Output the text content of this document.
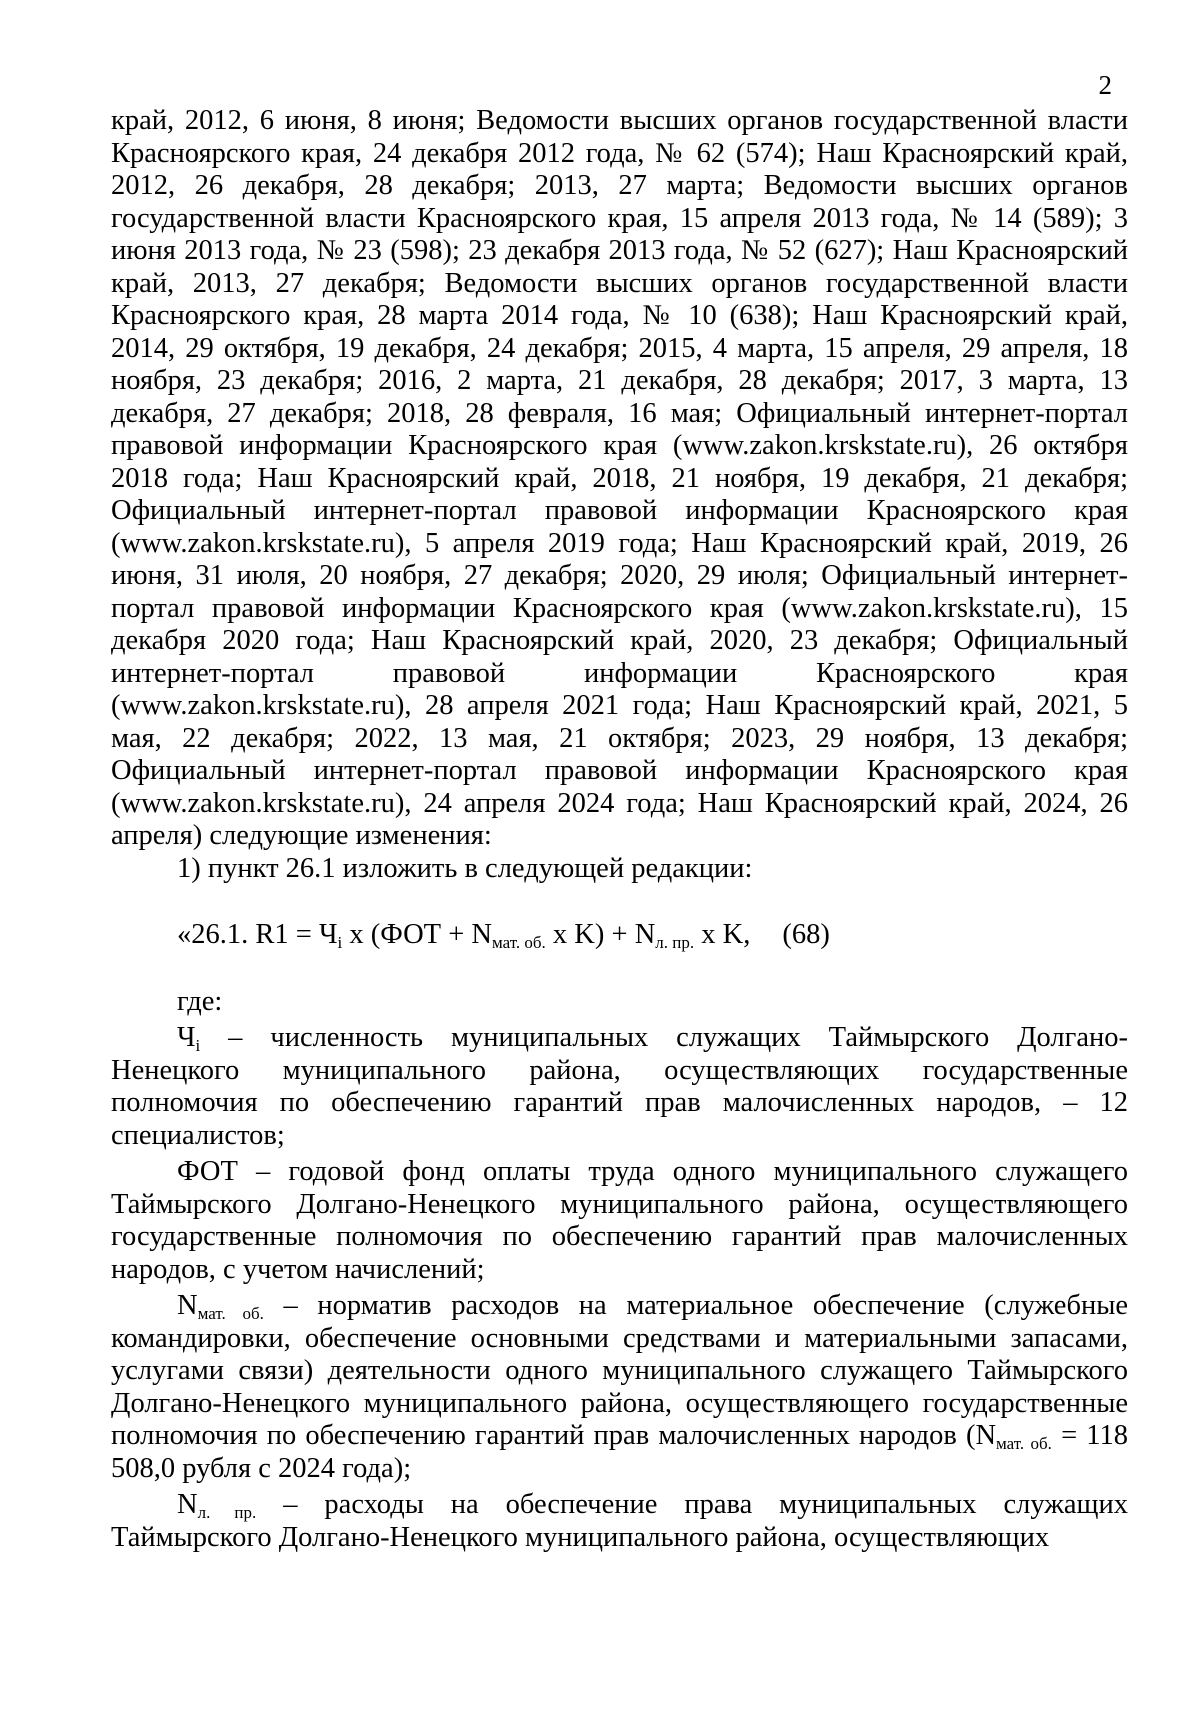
2

край, 2012, 6 июня, 8 июня; Ведомости высших органов государственной власти Красноярского края, 24 декабря 2012 года, № 62 (574); Наш Красноярский край, 2012, 26 декабря, 28 декабря; 2013, 27 марта; Ведомости высших органов государственной власти Красноярского края, 15 апреля 2013 года, № 14 (589); 3 июня 2013 года, № 23 (598); 23 декабря 2013 года, № 52 (627); Наш Красноярский край, 2013, 27 декабря; Ведомости высших органов государственной власти Красноярского края, 28 марта 2014 года, № 10 (638); Наш Красноярский край, 2014, 29 октября, 19 декабря, 24 декабря; 2015, 4 марта, 15 апреля, 29 апреля, 18 ноября, 23 декабря; 2016, 2 марта, 21 декабря, 28 декабря; 2017, 3 марта, 13 декабря, 27 декабря; 2018, 28 февраля, 16 мая; Официальный интернет-портал правовой информации Красноярского края (www.zakon.krskstate.ru), 26 октября 2018 года; Наш Красноярский край, 2018, 21 ноября, 19 декабря, 21 декабря; Официальный интернет-портал правовой информации Красноярского края (www.zakon.krskstate.ru), 5 апреля 2019 года; Наш Красноярский край, 2019, 26 июня, 31 июля, 20 ноября, 27 декабря; 2020, 29 июля; Официальный интернет-портал правовой информации Красноярского края (www.zakon.krskstate.ru), 15 декабря 2020 года; Наш Красноярский край, 2020, 23 декабря; Официальный интернет-портал правовой информации Красноярского края (www.zakon.krskstate.ru), 28 апреля 2021 года; Наш Красноярский край, 2021, 5 мая, 22 декабря; 2022, 13 мая, 21 октября; 2023, 29 ноября, 13 декабря; Официальный интернет-портал правовой информации Красноярского края (www.zakon.krskstate.ru), 24 апреля 2024 года; Наш Красноярский край, 2024, 26 апреля) следующие изменения:

1) пункт 26.1 изложить в следующей редакции:

«26.1. $R1 = Ч_i$ х ($ФОТ + N_{мат. об.}$ х $K) + N_{л. пр.}$ х K, (68)

где:

$Ч_i$ – численность муниципальных служащих Таймырского Долгано-Ненецкого муниципального района, осуществляющих государственные полномочия по обеспечению гарантий прав малочисленных народов, – 12 специалистов;

ФОТ – годовой фонд оплаты труда одного муниципального служащего Таймырского Долгано-Ненецкого муниципального района, осуществляющего государственные полномочия по обеспечению гарантий прав малочисленных народов, с учетом начислений;

$N_{мат. об.}$ – норматив расходов на материальное обеспечение (служебные командировки, обеспечение основными средствами и материальными запасами, услугами связи) деятельности одного муниципального служащего Таймырского Долгано-Ненецкого муниципального района, осуществляющего государственные полномочия по обеспечению гарантий прав малочисленных народов ($N_{мат. об.} = 118$ 508,0 рубля с 2024 года);

$N_{л. пр.}$ – расходы на обеспечение права муниципальных служащих Таймырского Долгано-Ненецкого муниципального района, осуществляющих
